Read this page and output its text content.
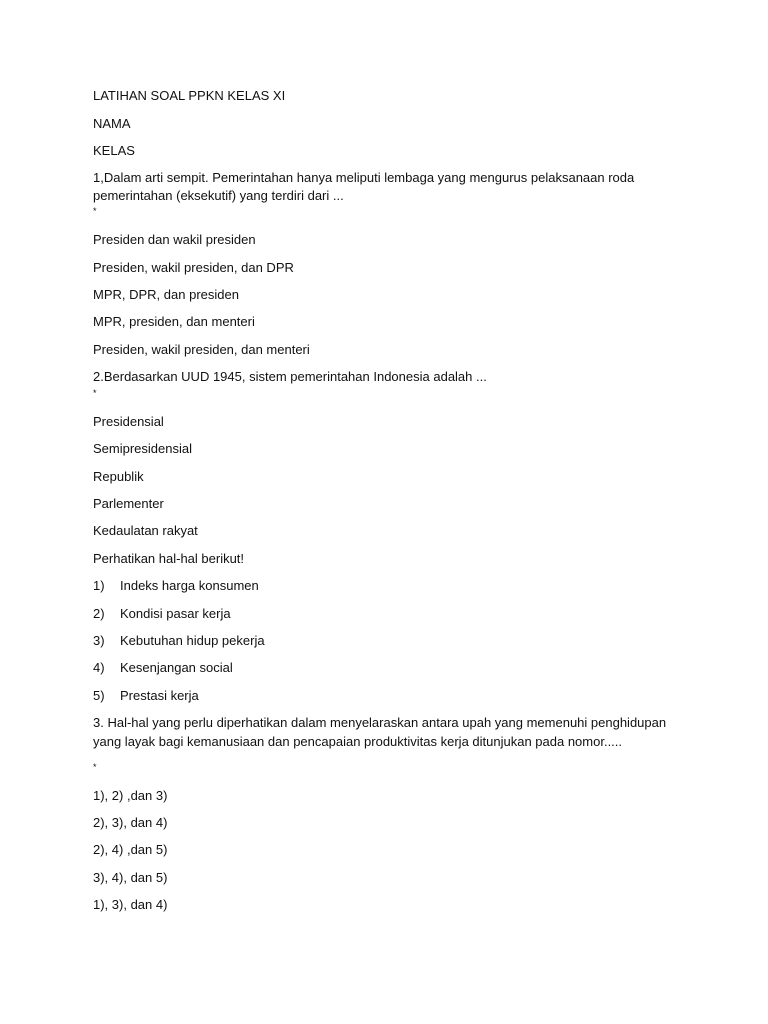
LATIHAN SOAL PPKN KELAS XI
NAMA
KELAS
1,Dalam arti sempit. Pemerintahan hanya meliputi lembaga yang mengurus pelaksanaan roda
pemerintahan (eksekutif) yang terdiri dari ...
*
Presiden dan wakil presiden
Presiden, wakil presiden, dan DPR
MPR, DPR, dan presiden
MPR, presiden, dan menteri
Presiden, wakil presiden, dan menteri
2.Berdasarkan UUD 1945, sistem pemerintahan Indonesia adalah ...
*
Presidensial
Semipresidensial
Republik
Parlementer
Kedaulatan rakyat
Perhatikan hal-hal berikut!
1) Indeks harga konsumen
2) Kondisi pasar kerja
3) Kebutuhan hidup pekerja
4) Kesenjangan social
5) Prestasi kerja
3. Hal-hal yang perlu diperhatikan dalam menyelaraskan antara upah yang memenuhi penghidupan
yang layak bagi kemanusiaan dan pencapaian produktivitas kerja ditunjukan pada nomor.....
*
1), 2) ,dan 3)
2), 3), dan 4)
2), 4) ,dan 5)
3), 4), dan 5)
1), 3), dan 4)
